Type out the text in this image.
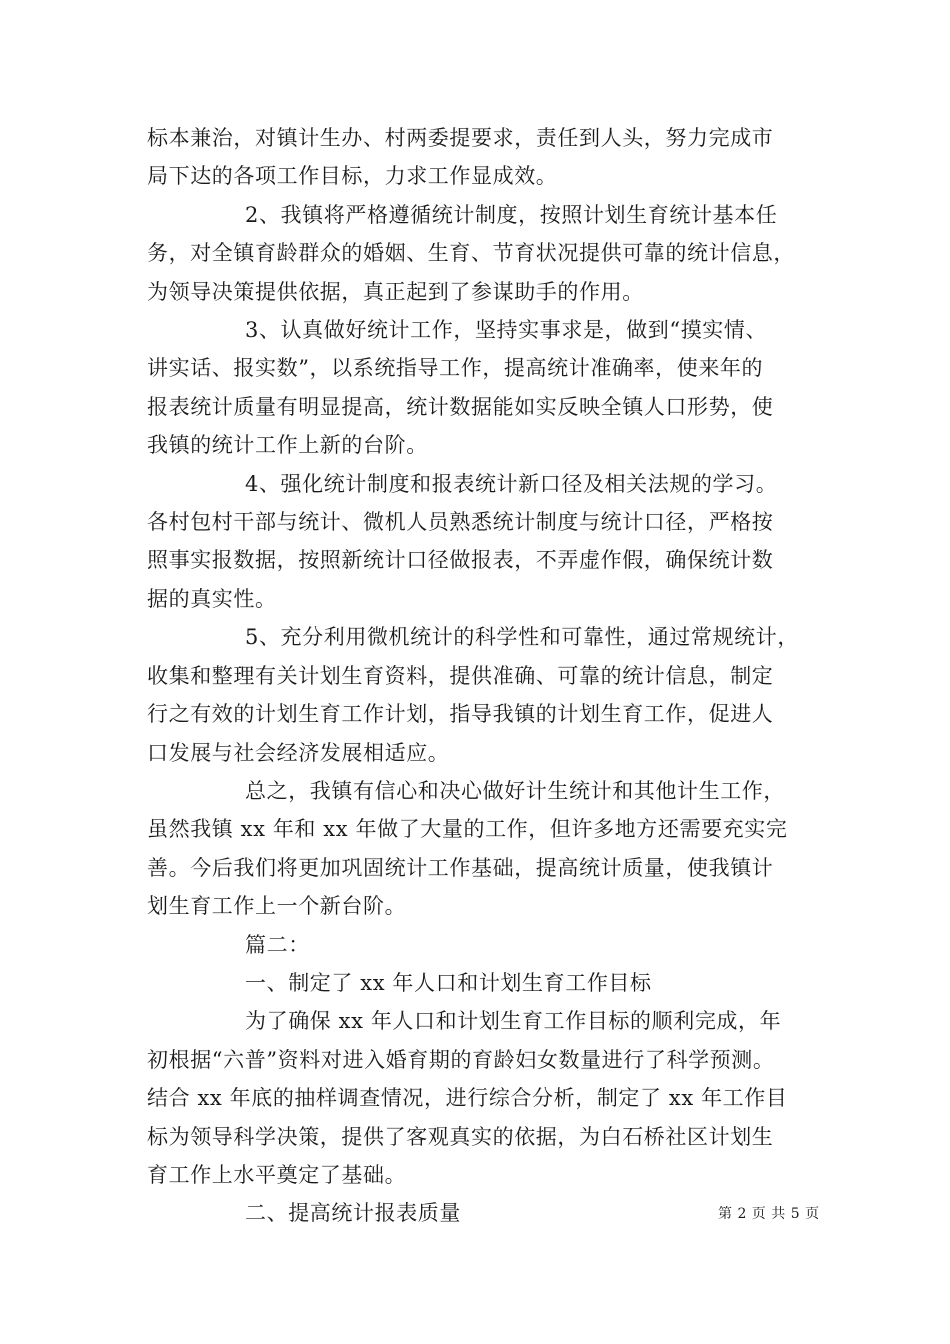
标本兼治，对镇计生办、村两委提要求，责任到人头，努力完成市
局下达的各项工作目标，力求工作显成效。

2、我镇将严格遵循统计制度，按照计划生育统计基本任
务，对全镇育龄群众的婚姻、生育、节育状况提供可靠的统计信息，
为领导决策提供依据，真正起到了参谋助手的作用。

3、认真做好统计工作，坚持实事求是，做到“摸实情、
讲实话、报实数”，以系统指导工作，提高统计准确率，使来年的
报表统计质量有明显提高，统计数据能如实反映全镇人口形势，使
我镇的统计工作上新的台阶。

4、强化统计制度和报表统计新口径及相关法规的学习。
各村包村干部与统计、微机人员熟悉统计制度与统计口径，严格按
照事实报数据，按照新统计口径做报表，不弄虚作假，确保统计数
据的真实性。

5、充分利用微机统计的科学性和可靠性，通过常规统计，
收集和整理有关计划生育资料，提供准确、可靠的统计信息，制定
行之有效的计划生育工作计划，指导我镇的计划生育工作，促进人
口发展与社会经济发展相适应。

总之，我镇有信心和决心做好计生统计和其他计生工作，
虽然我镇 xx 年和 xx 年做了大量的工作，但许多地方还需要充实完
善。今后我们将更加巩固统计工作基础，提高统计质量，使我镇计
划生育工作上一个新台阶。

篇二：

一、制定了 xx 年人口和计划生育工作目标

为了确保 xx 年人口和计划生育工作目标的顺利完成，年
初根据“六普”资料对进入婚育期的育龄妇女数量进行了科学预测。
结合 xx 年底的抽样调查情况，进行综合分析，制定了 xx 年工作目
标为领导科学决策，提供了客观真实的依据，为白石桥社区计划生
育工作上水平奠定了基础。

二、提高统计报表质量	第 2 页 共 5 页
